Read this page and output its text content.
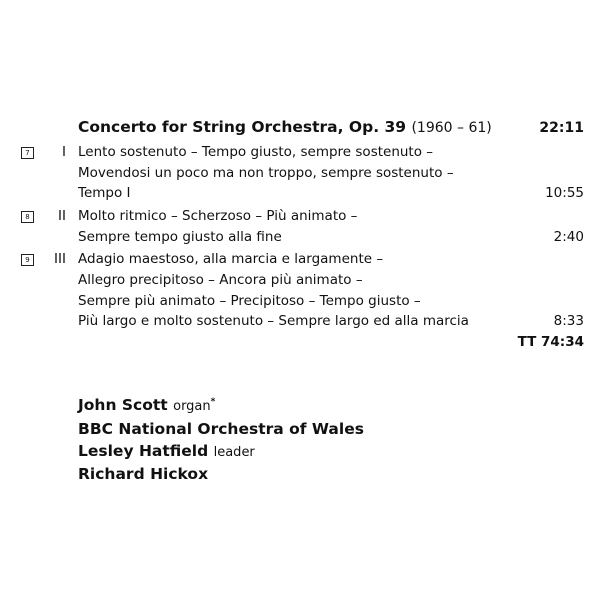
Concerto for String Orchestra, Op. 39 (1960 – 61)	22:11
7	I Lento sostenuto – Tempo giusto, sempre sostenuto –
Movendosi un poco ma non troppo, sempre sostenuto –
Tempo I	10:55
8	II Molto ritmico – Scherzoso – Più animato –
Sempre tempo giusto alla fine	2:40
9	III Adagio maestoso, alla marcia e largamente –
Allegro precipitoso – Ancora più animato –
Sempre più animato – Precipitoso – Tempo giusto –
Più largo e molto sostenuto – Sempre largo ed alla marcia	8:33
TT 74:34
John Scott organ*
BBC National Orchestra of Wales
Lesley Hatfield leader
Richard Hickox
